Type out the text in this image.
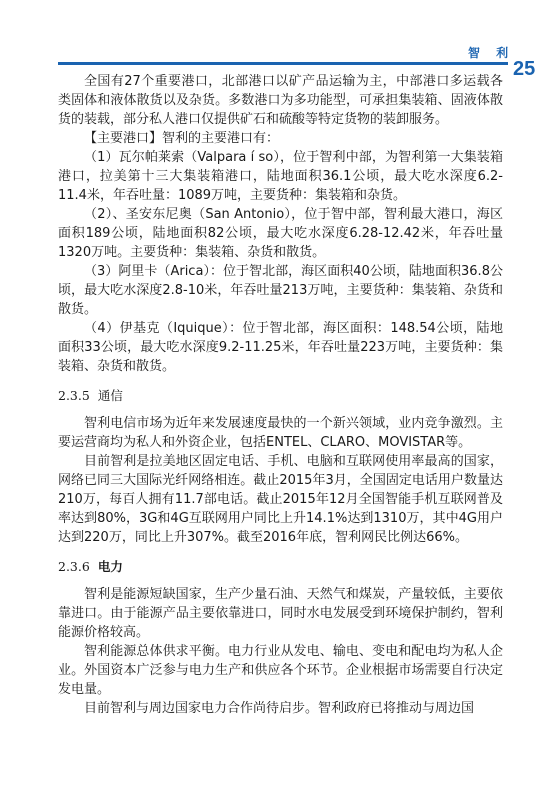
智 利
25

全国有27个重要港口，北部港口以矿产品运输为主，中部港口多运载各类固体和液体散货以及杂货。多数港口为多功能型，可承担集装箱、固液体散货的装载，部分私人港口仅提供矿石和硫酸等特定货物的装卸服务。

【主要港口】智利的主要港口有：

（1）瓦尔帕莱索（Valpara í so），位于智利中部，为智利第一大集装箱港口，拉美第十三大集装箱港口，陆地面积36.1公顷，最大吃水深度6.2-11.4米，年吞吐量：1089万吨，主要货种：集装箱和杂货。

（2）、圣安东尼奥（San Antonio），位于智中部，智利最大港口，海区面积189公顷，陆地面积82公顷，最大吃水深度6.28-12.42米，年吞吐量1320万吨。主要货种：集装箱、杂货和散货。

（3）阿里卡（Arica）：位于智北部，海区面积40公顷，陆地面积36.8公顷，最大吃水深度2.8-10米，年吞吐量213万吨，主要货种：集装箱、杂货和散货。

（4）伊基克（Iquique）：位于智北部，海区面积：148.54公顷，陆地面积33公顷，最大吃水深度9.2-11.25米，年吞吐量223万吨，主要货种：集装箱、杂货和散货。

2.3.5 通信

智利电信市场为近年来发展速度最快的一个新兴领域，业内竞争激烈。主要运营商均为私人和外资企业，包括ENTEL、CLARO、MOVISTAR等。

目前智利是拉美地区固定电话、手机、电脑和互联网使用率最高的国家，网络已同三大国际光纤网络相连。截止2015年3月，全国固定电话用户数量达210万，每百人拥有11.7部电话。截止2015年12月全国智能手机互联网普及率达到80%，3G和4G互联网用户同比上升14.1%达到1310万，其中4G用户达到220万，同比上升307%。截至2016年底，智利网民比例达66%。

2.3.6 电力

智利是能源短缺国家，生产少量石油、天然气和煤炭，产量较低，主要依靠进口。由于能源产品主要依靠进口，同时水电发展受到环境保护制约，智利能源价格较高。

智利能源总体供求平衡。电力行业从发电、输电、变电和配电均为私人企业。外国资本广泛参与电力生产和供应各个环节。企业根据市场需要自行决定发电量。

目前智利与周边国家电力合作尚待启步。智利政府已将推动与周边国
